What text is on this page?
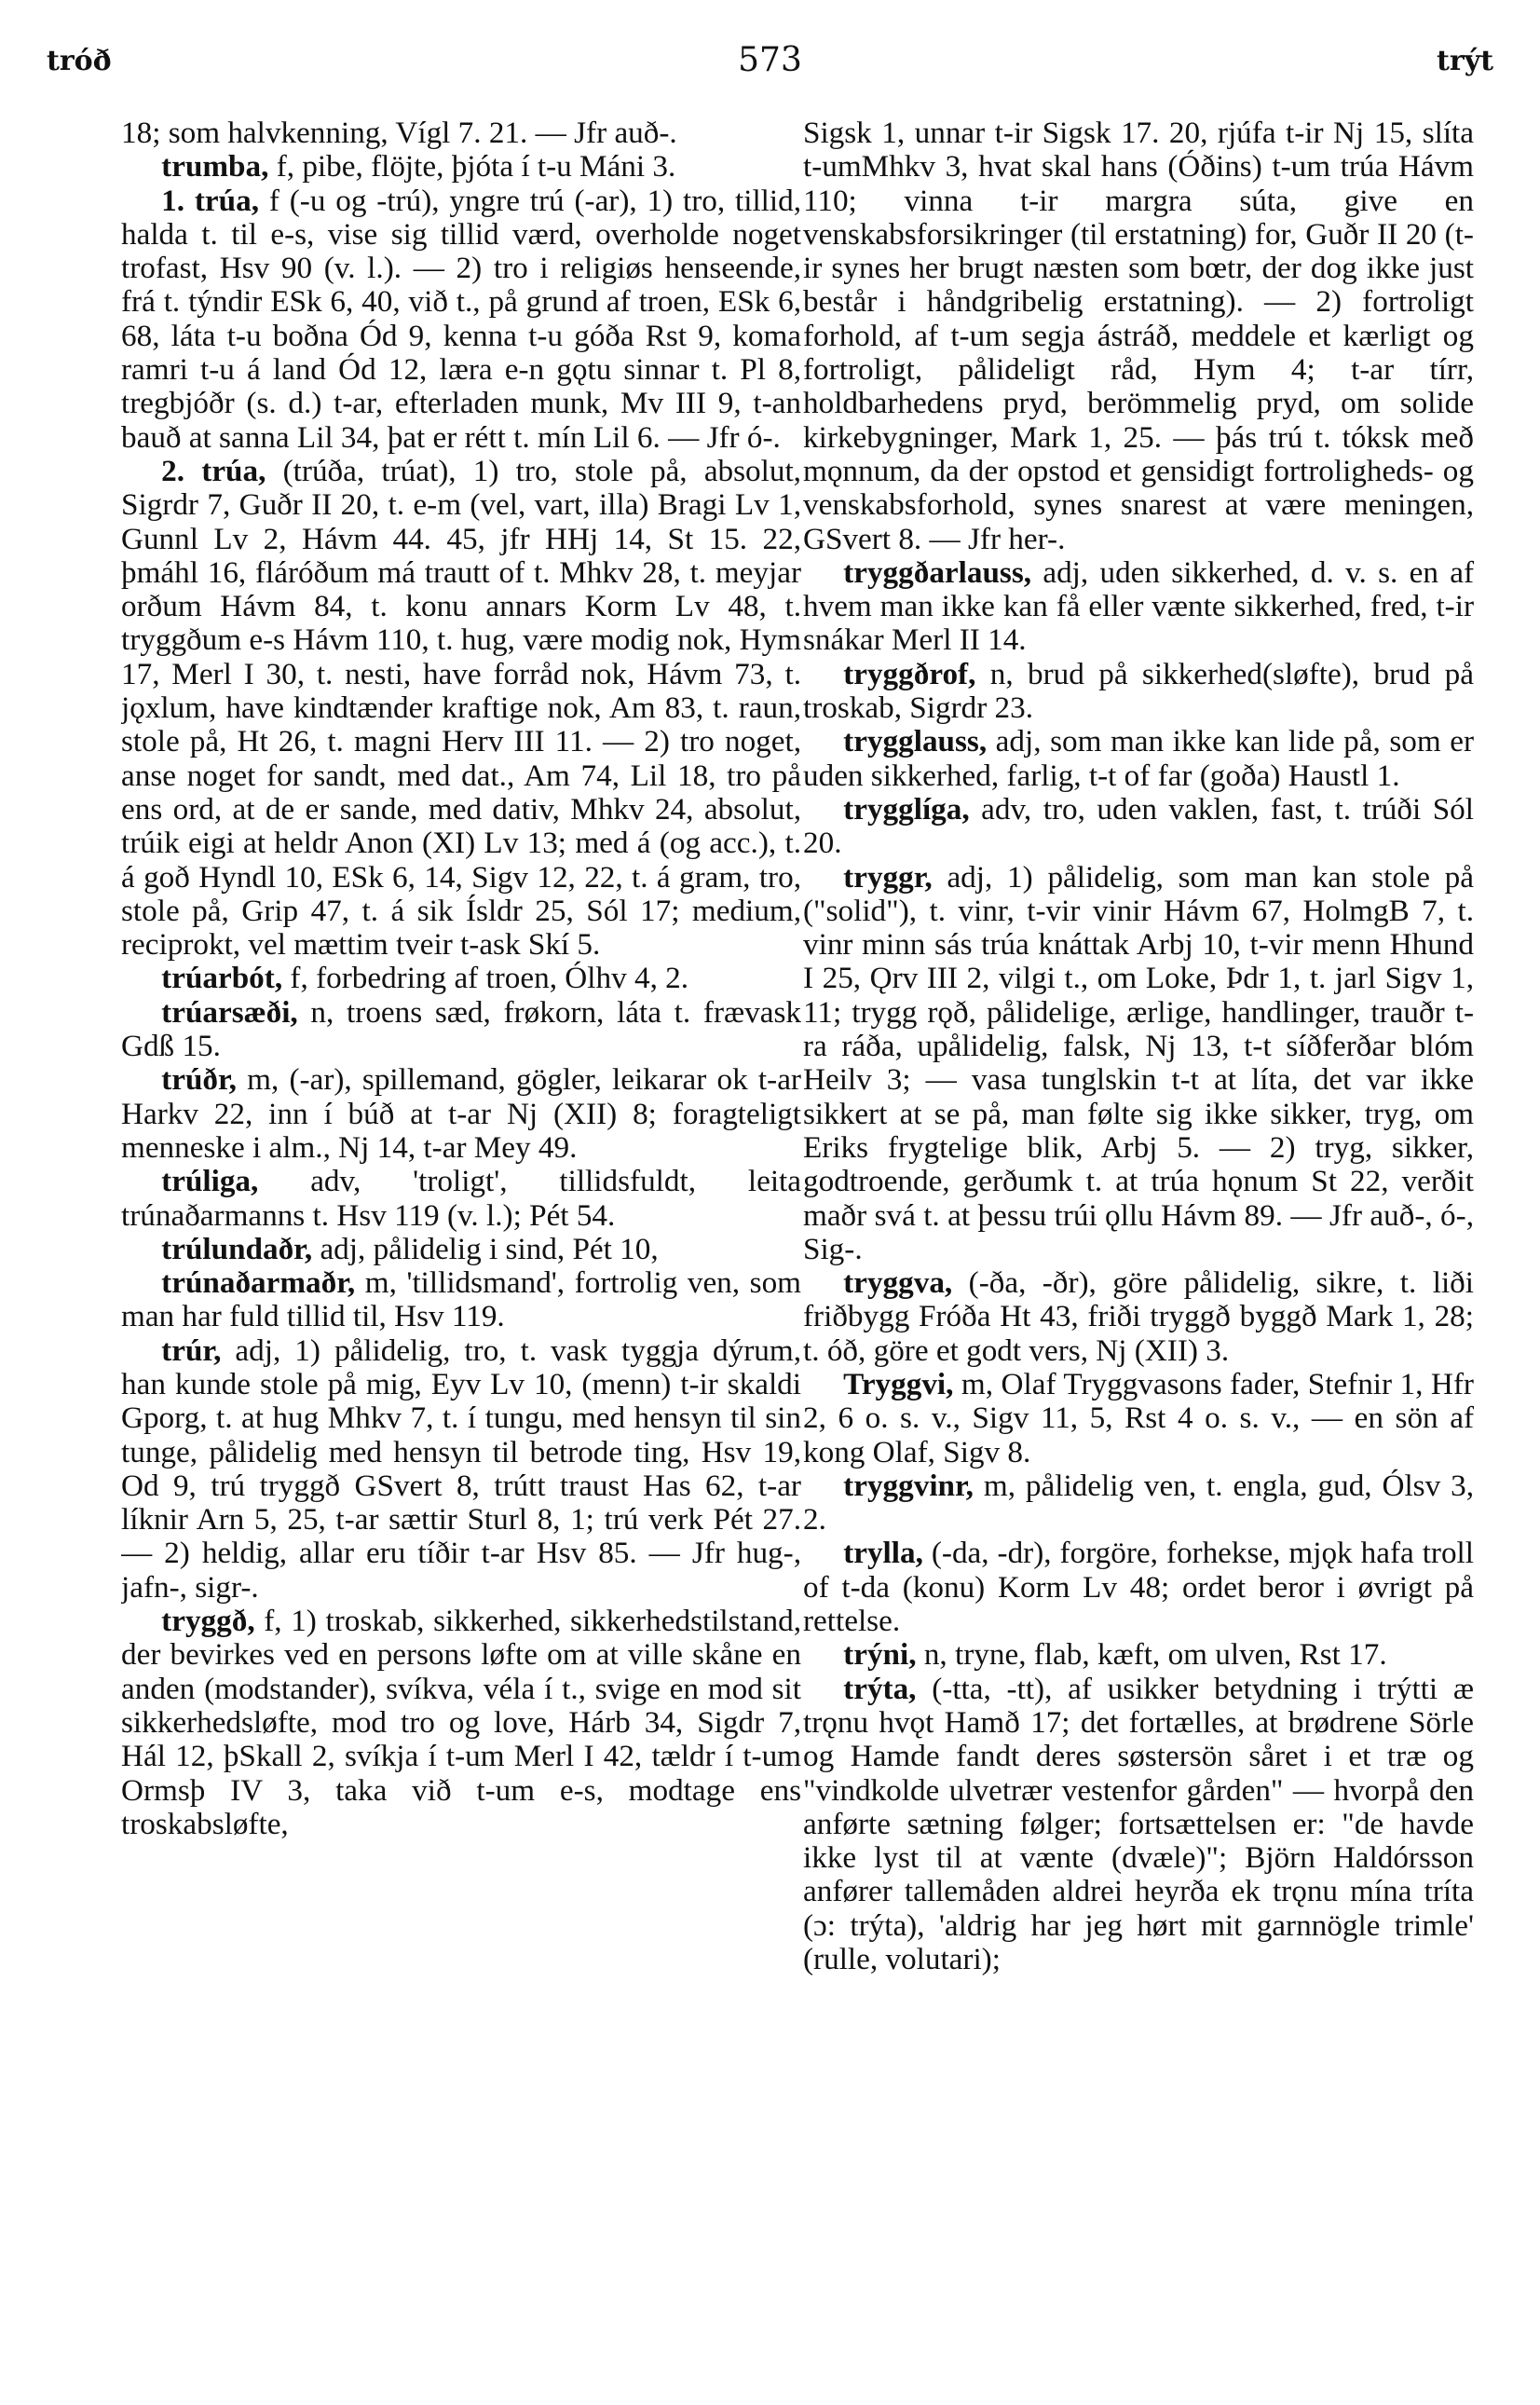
tróð	573	trýt

18; som halvkenning, Vígl 7. 21. — Jfr auð-.

trumba, f, pibe, flöjte, þjóta í t-u Máni 3.

1. trúa, f (-u og -trú), yngre trú (-ar), 1) tro, tillid, halda t. til e-s, vise sig tillid værd, overholde noget trofast, Hsv 90 (v. l.). — 2) tro i religiøs henseende, frá t. týndir ESk 6, 40, við t., på grund af troen, ESk 6, 68, láta t-u boðna Ód 9, kenna t-u góða Rst 9, koma ramri t-u á land Ód 12, læra e-n gǫtu sinnar t. Pl 8, tregbjóðr (s. d.) t-ar, efterladen munk, Mv III 9, t-an bauð at sanna Lil 34, þat er rétt t. mín Lil 6. — Jfr ó-.

2. trúa, (trúða, trúat), 1) tro, stole på, absolut, Sigrdr 7, Guðr II 20, t. e-m (vel, vart, illa) Bragi Lv 1, Gunnl Lv 2, Hávm 44. 45, jfr HHj 14, St 15. 22, þmáhl 16, fláróðum má trautt of t. Mhkv 28, t. meyjar orðum Hávm 84, t. konu annars Korm Lv 48, t. tryggðum e-s Hávm 110, t. hug, være modig nok, Hym 17, Merl I 30, t. nesti, have forråd nok, Hávm 73, t. jǫxlum, have kindtænder kraftige nok, Am 83, t. raun, stole på, Ht 26, t. magni Herv III 11. — 2) tro noget, anse noget for sandt, med dat., Am 74, Lil 18, tro på ens ord, at de er sande, med dativ, Mhkv 24, absolut, trúik eigi at heldr Anon (XI) Lv 13; med á (og acc.), t. á goð Hyndl 10, ESk 6, 14, Sigv 12, 22, t. á gram, tro, stole på, Grip 47, t. á sik Ísldr 25, Sól 17; medium, reciprokt, vel mættim tveir t-ask Skí 5.

trúarbót, f, forbedring af troen, Ólhv 4, 2.

trúarsæði, n, troens sæd, frøkorn, láta t. frævask Gdß 15.

trúðr, m, (-ar), spillemand, gögler, leikarar ok t-ar Harkv 22, inn í búð at t-ar Nj (XII) 8; foragteligt menneske i alm., Nj 14, t-ar Mey 49.

trúliga, adv, 'troligt', tillidsfuldt, leita trúnaðarmanns t. Hsv 119 (v. l.); Pét 54.

trúlundaðr, adj, pålidelig i sind, Pét 10,

trúnaðarmaðr, m, 'tillidsmand', fortrolig ven, som man har fuld tillid til, Hsv 119.

trúr, adj, 1) pålidelig, tro, t. vask tyggja dýrum, han kunde stole på mig, Eyv Lv 10, (menn) t-ir skaldi Gporg, t. at hug Mhkv 7, t. í tungu, med hensyn til sin tunge, pålidelig med hensyn til betrode ting, Hsv 19, Od 9, trú tryggð GSvert 8, trútt traust Has 62, t-ar líknir Arn 5, 25, t-ar sættir Sturl 8, 1; trú verk Pét 27. — 2) heldig, allar eru tíðir t-ar Hsv 85. — Jfr hug-, jafn-, sigr-.

tryggð, f, 1) troskab, sikkerhed, sikkerhedstilstand, der bevirkes ved en persons løfte om at ville skåne en anden (modstander), svíkva, véla í t., svige en mod sit sikkerhedsløfte, mod tro og love, Hárb 34, Sigdr 7, Hál 12, þSkall 2, svíkja í t-um Merl I 42, tældr í t-um Ormsþ IV 3, taka við t-um e-s, modtage ens troskabsløfte,

Sigsk 1, unnar t-ir Sigsk 17. 20, rjúfa t-ir Nj 15, slíta t-umMhkv 3, hvat skal hans (Óðins) t-um trúa Hávm 110; vinna t-ir margra súta, give en venskabsforsikringer (til erstatning) for, Guðr II 20 (t-ir synes her brugt næsten som bœtr, der dog ikke just består i håndgribelig erstatning). — 2) fortroligt forhold, af t-um segja ástráð, meddele et kærligt og fortroligt, pålideligt råd, Hym 4; t-ar tírr, holdbarhedens pryd, berömmelig pryd, om solide kirkebygninger, Mark 1, 25. — þás trú t. tóksk með mǫnnum, da der opstod et gensidigt fortroligheds- og venskabsforhold, synes snarest at være meningen, GSvert 8. — Jfr her-.

tryggðarlauss, adj, uden sikkerhed, d. v. s. en af hvem man ikke kan få eller vænte sikkerhed, fred, t-ir snákar Merl II 14.

tryggðrof, n, brud på sikkerhed(sløfte), brud på troskab, Sigrdr 23.

trygglauss, adj, som man ikke kan lide på, som er uden sikkerhed, farlig, t-t of far (goða) Haustl 1.

trygglíga, adv, tro, uden vaklen, fast, t. trúði Sól 20.

tryggr, adj, 1) pålidelig, som man kan stole på ("solid"), t. vinr, t-vir vinir Hávm 67, HolmgB 7, t. vinr minn sás trúa knáttak Arbj 10, t-vir menn Hhund I 25, Ǫrv III 2, vilgi t., om Loke, Þdr 1, t. jarl Sigv 1, 11; trygg rǫð, pålidelige, ærlige, handlinger, trauðr t-ra ráða, upålidelig, falsk, Nj 13, t-t síðferðar blóm Heilv 3; — vasa tunglskin t-t at líta, det var ikke sikkert at se på, man følte sig ikke sikker, tryg, om Eriks frygtelige blik, Arbj 5. — 2) tryg, sikker, godtroende, gerðumk t. at trúa hǫnum St 22, verðit maðr svá t. at þessu trúi ǫllu Hávm 89. — Jfr auð-, ó-, Sig-.

tryggva, (-ða, -ðr), göre pålidelig, sikre, t. liði friðbygg Fróða Ht 43, friði tryggð byggð Mark 1, 28; t. óð, göre et godt vers, Nj (XII) 3.

Tryggvi, m, Olaf Tryggvasons fader, Stefnir 1, Hfr 2, 6 o. s. v., Sigv 11, 5, Rst 4 o. s. v., — en sön af kong Olaf, Sigv 8.

tryggvinr, m, pålidelig ven, t. engla, gud, Ólsv 3, 2.

trylla, (-da, -dr), forgöre, forhekse, mjǫk hafa troll of t-da (konu) Korm Lv 48; ordet beror i øvrigt på rettelse.

trýni, n, tryne, flab, kæft, om ulven, Rst 17.

trýta, (-tta, -tt), af usikker betydning i trýtti æ trǫnu hvǫt Hamð 17; det fortælles, at brødrene Sörle og Hamde fandt deres søstersön såret i et træ og "vindkolde ulvetrær vestenfor gården" — hvorpå den anførte sætning følger; fortsættelsen er: "de havde ikke lyst til at vænte (dvæle)"; Björn Haldórsson anfører tallemåden aldrei heyrða ek trǫnu mína tríta (ɔ: trýta), 'aldrig har jeg hørt mit garnnögle trimle' (rulle, volutari);
